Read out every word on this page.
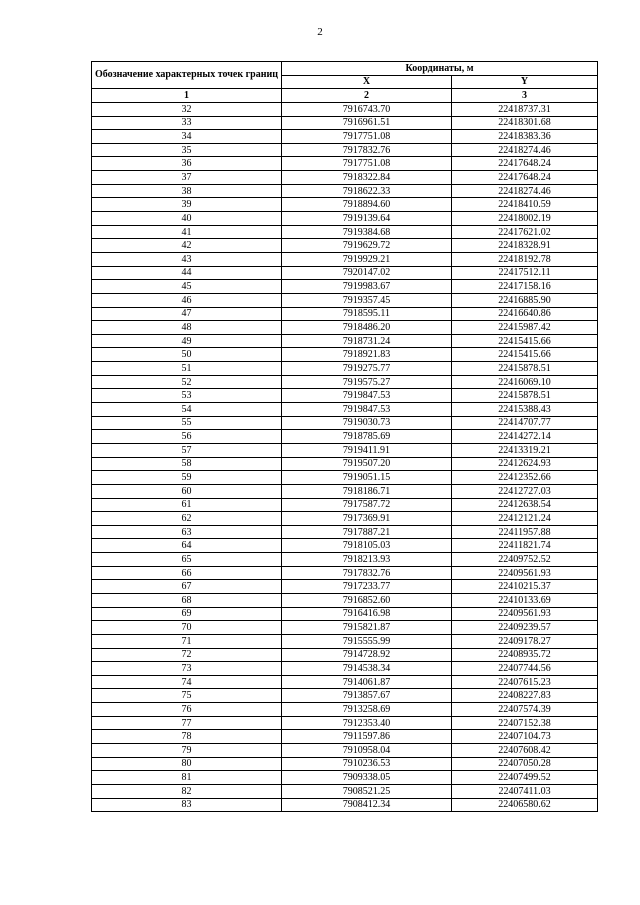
2
Обозначение характерных точек границ	Координаты, м	
	X	Y
1	2	3
32	7916743.70	22418737.31
33	7916961.51	22418301.68
34	7917751.08	22418383.36
35	7917832.76	22418274.46
36	7917751.08	22417648.24
37	7918322.84	22417648.24
38	7918622.33	22418274.46
39	7918894.60	22418410.59
40	7919139.64	22418002.19
41	7919384.68	22417621.02
42	7919629.72	22418328.91
43	7919929.21	22418192.78
44	7920147.02	22417512.11
45	7919983.67	22417158.16
46	7919357.45	22416885.90
47	7918595.11	22416640.86
48	7918486.20	22415987.42
49	7918731.24	22415415.66
50	7918921.83	22415415.66
51	7919275.77	22415878.51
52	7919575.27	22416069.10
53	7919847.53	22415878.51
54	7919847.53	22415388.43
55	7919030.73	22414707.77
56	7918785.69	22414272.14
57	7919411.91	22413319.21
58	7919507.20	22412624.93
59	7919051.15	22412352.66
60	7918186.71	22412727.03
61	7917587.72	22412638.54
62	7917369.91	22412121.24
63	7917887.21	22411957.88
64	7918105.03	22411821.74
65	7918213.93	22409752.52
66	7917832.76	22409561.93
67	7917233.77	22410215.37
68	7916852.60	22410133.69
69	7916416.98	22409561.93
70	7915821.87	22409239.57
71	7915555.99	22409178.27
72	7914728.92	22408935.72
73	7914538.34	22407744.56
74	7914061.87	22407615.23
75	7913857.67	22408227.83
76	7913258.69	22407574.39
77	7912353.40	22407152.38
78	7911597.86	22407104.73
79	7910958.04	22407608.42
80	7910236.53	22407050.28
81	7909338.05	22407499.52
82	7908521.25	22407411.03
83	7908412.34	22406580.62
